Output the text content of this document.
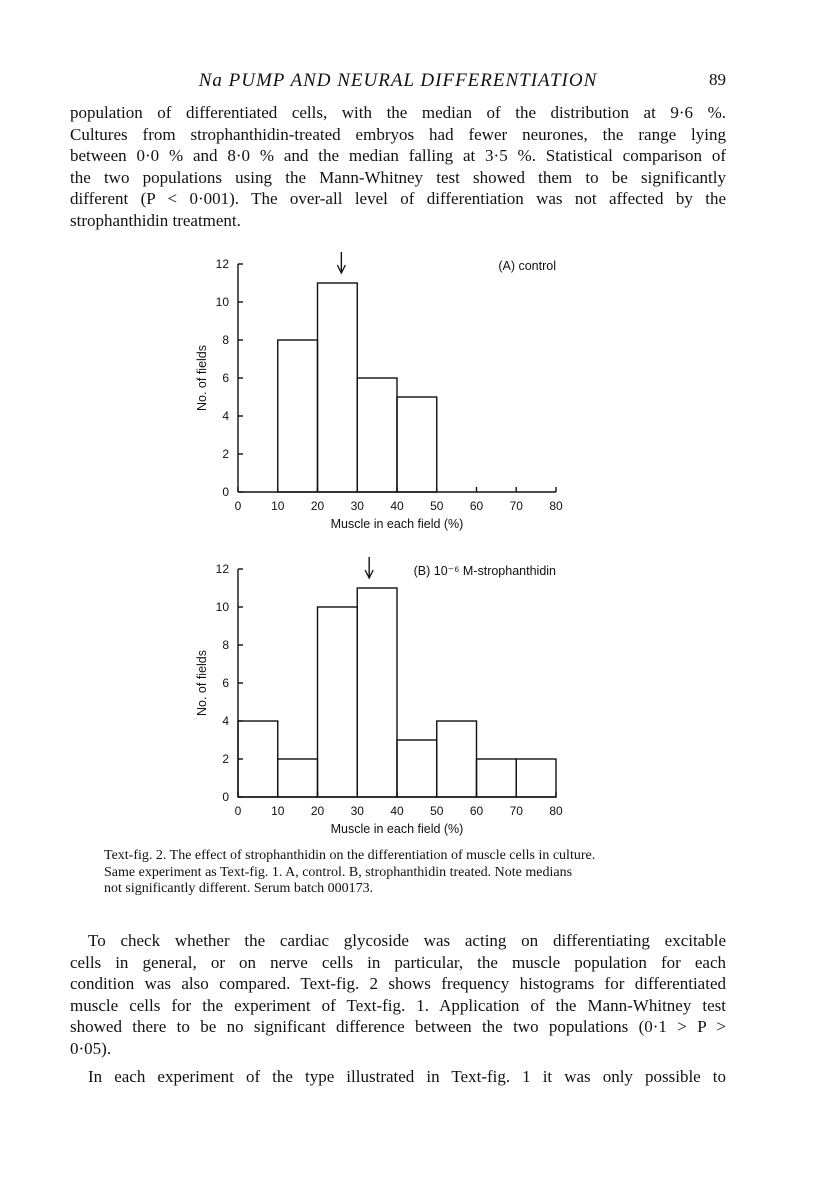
Na PUMP AND NEURAL DIFFERENTIATION	89
population of differentiated cells, with the median of the distribution at 9·6 %.
Cultures from strophanthidin-treated embryos had fewer neurones, the range lying
between 0·0 % and 8·0 % and the median falling at 3·5 %. Statistical comparison of
the two populations using the Mann-Whitney test showed them to be significantly
different (P < 0·001). The over-all level of differentiation was not affected by the
strophanthidin treatment.
0
2
4
6
8
10
12
0 10 20 30 40 50 60 70 80
(A) control
Muscle in each field (%)
No. of fields
0
2
4
6
8
10
12
0 10 20 30 40 50 60 70 80
(B) 10⁻⁶ M-strophanthidin
Muscle in each field (%)
No. of fields
Text-fig. 2. The effect of strophanthidin on the differentiation of muscle cells in culture.
Same experiment as Text-fig. 1. A, control. B, strophanthidin treated. Note medians
not significantly different. Serum batch 000173.
To check whether the cardiac glycoside was acting on differentiating excitable
cells in general, or on nerve cells in particular, the muscle population for each
condition was also compared. Text-fig. 2 shows frequency histograms for differentiated
muscle cells for the experiment of Text-fig. 1. Application of the Mann-Whitney test
showed there to be no significant difference between the two populations (0·1 > P >
0·05).
In each experiment of the type illustrated in Text-fig. 1 it was only possible to
